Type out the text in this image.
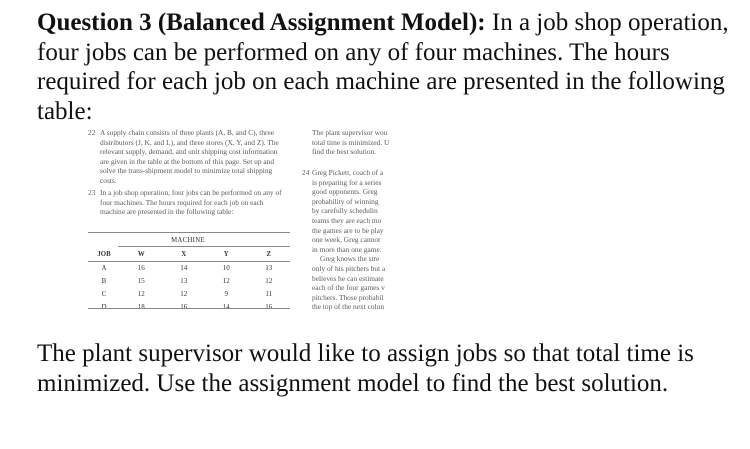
Question 3 (Balanced Assignment Model): In a job shop operation, four jobs can be performed on any of four machines. The hours required for each job on each machine are presented in the following table:

22 A supply chain consists of three plants (A, B, and C), three distributors (J, K, and L), and three stores (X, Y, and Z). The relevant supply, demand, and unit shipping cost information are given in the table at the bottom of this page. Set up and solve the trans-shipment model to minimize total shipping costs.
23 In a job shop operation, four jobs can be performed on any of four machines. The hours required for each job on each machine are presented in the following table:
MACHINE
JOB	W	X	Y	Z
A	16	14	10	13
B	15	13	12	12
C	12	12	9	11
D	18	16	14	16
The plant supervisor wou
total time is minimized. U
find the best solution.
24 Greg Pickett, coach of a
is preparing for a series
good opponents. Greg
probability of winning
by carefully schedulin
teams they are each mo
the games are to be play
one week, Greg cannot
in more than one game.
Greg knows the stre
only of his pitchers but a
believes he can estimate
each of the four games v
pitchers. Those probabil
the top of the next colun

The plant supervisor would like to assign jobs so that total time is minimized. Use the assignment model to find the best solution.
